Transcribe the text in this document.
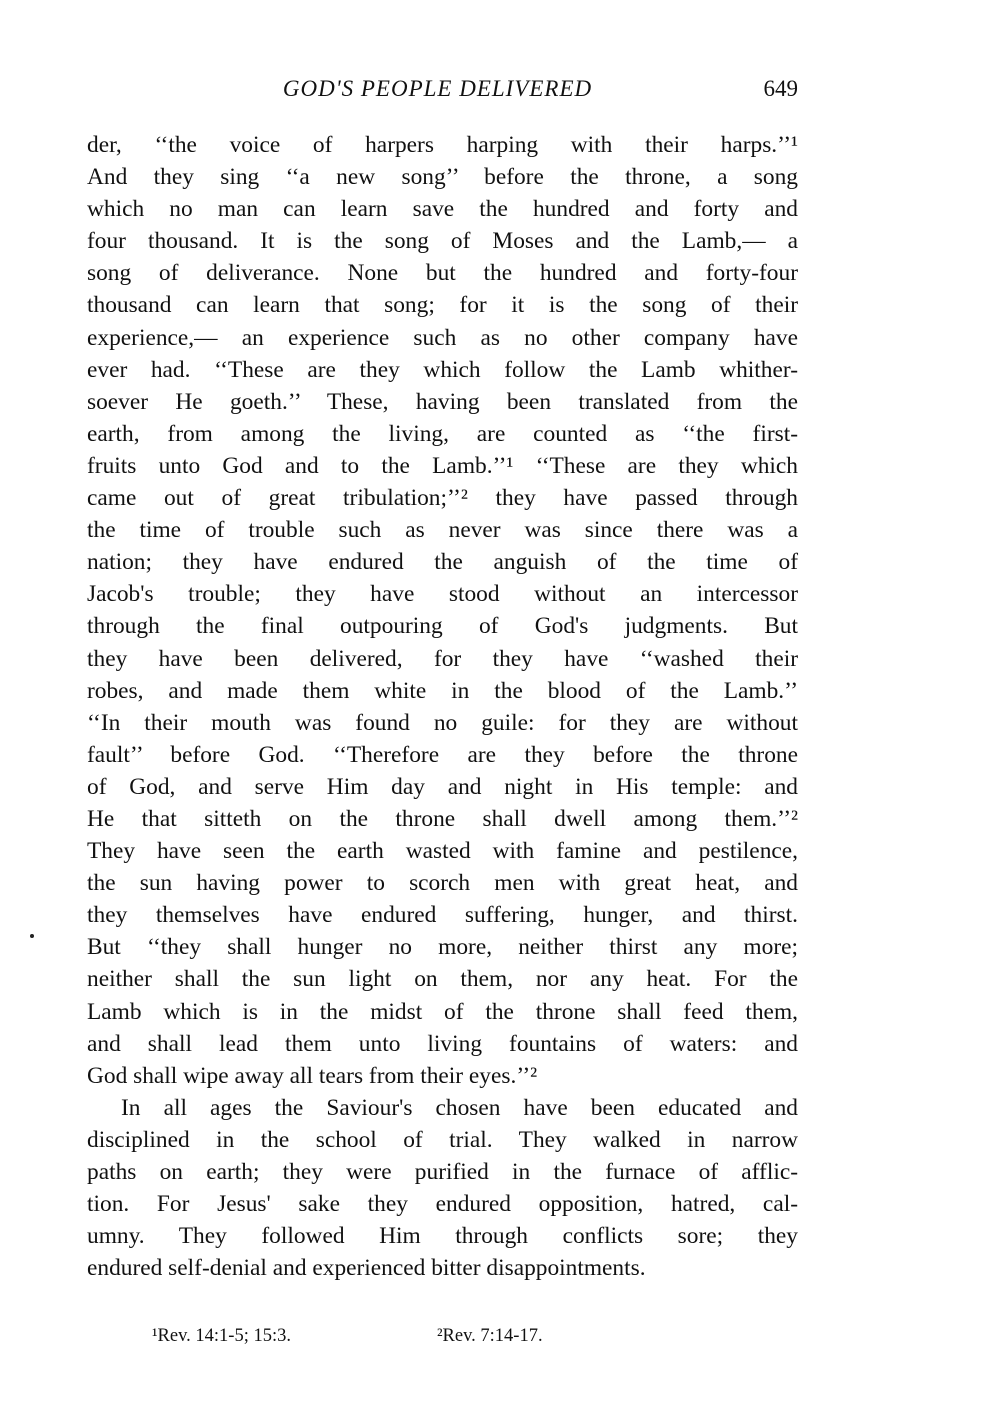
GOD'S PEOPLE DELIVERED	649
der, ‘‘the voice of harpers harping with their harps.’’¹
And they sing ‘‘a new song’’ before the throne, a song
which no man can learn save the hundred and forty and
four thousand. It is the song of Moses and the Lamb,— a
song of deliverance. None but the hundred and forty-four
thousand can learn that song; for it is the song of their
experience,— an experience such as no other company have
ever had. ‘‘These are they which follow the Lamb whither-
soever He goeth.’’ These, having been translated from the
earth, from among the living, are counted as ‘‘the first-
fruits unto God and to the Lamb.’’¹ ‘‘These are they which
came out of great tribulation;’’² they have passed through
the time of trouble such as never was since there was a
nation; they have endured the anguish of the time of
Jacob's trouble; they have stood without an intercessor
through the final outpouring of God's judgments. But
they have been delivered, for they have ‘‘washed their
robes, and made them white in the blood of the Lamb.’’
‘‘In their mouth was found no guile: for they are without
fault’’ before God. ‘‘Therefore are they before the throne
of God, and serve Him day and night in His temple: and
He that sitteth on the throne shall dwell among them.’’²
They have seen the earth wasted with famine and pestilence,
the sun having power to scorch men with great heat, and
they themselves have endured suffering, hunger, and thirst.
But ‘‘they shall hunger no more, neither thirst any more;
neither shall the sun light on them, nor any heat. For the
Lamb which is in the midst of the throne shall feed them,
and shall lead them unto living fountains of waters: and
God shall wipe away all tears from their eyes.’’²
In all ages the Saviour's chosen have been educated and
disciplined in the school of trial. They walked in narrow
paths on earth; they were purified in the furnace of afflic-
tion. For Jesus' sake they endured opposition, hatred, cal-
umny. They followed Him through conflicts sore; they
endured self-denial and experienced bitter disappointments.
¹Rev. 14:1-5; 15:3.	²Rev. 7:14-17.
